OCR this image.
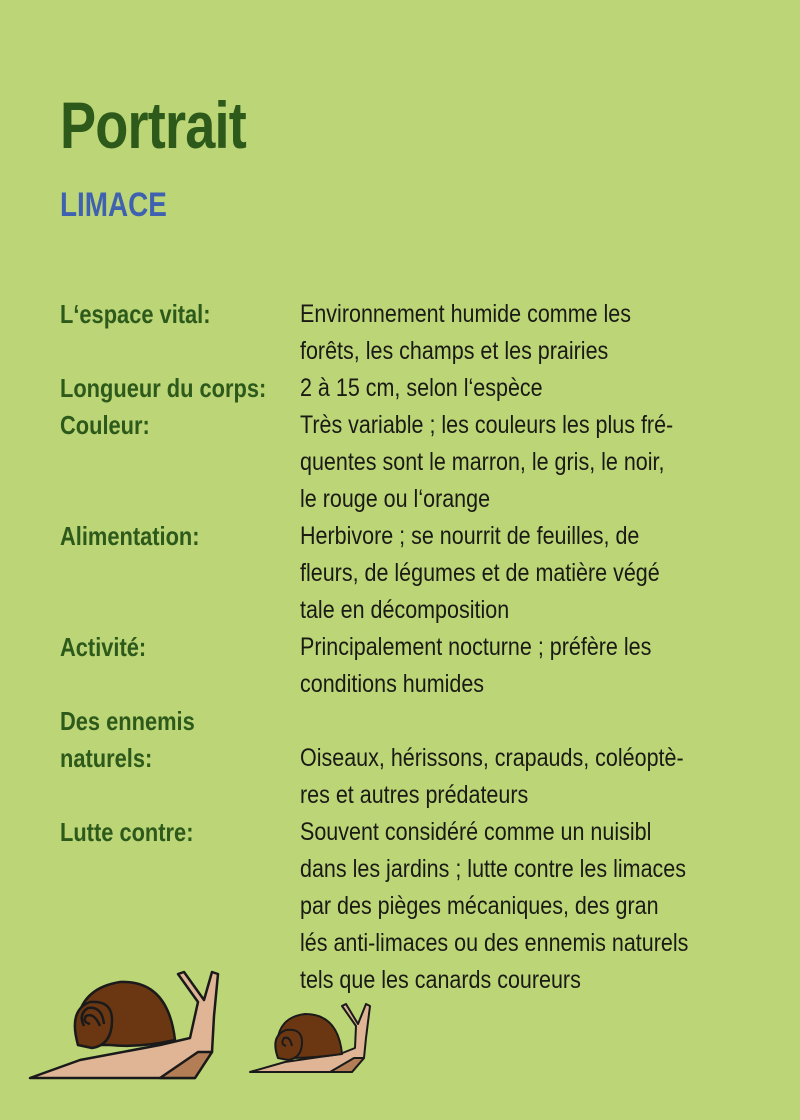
Portrait
LIMACE
L‘espace vital:	Environnement humide comme les
forêts, les champs et les prairies
Longueur du corps: 2 à 15 cm, selon l‘espèce
Couleur:	Très variable ; les couleurs les plus fré-
quentes sont le marron, le gris, le noir,
le rouge ou l‘orange
Alimentation:	Herbivore ; se nourrit de feuilles, de
fleurs, de légumes et de matière végé
tale en décomposition
Activité:	Principalement nocturne ; préfère les
conditions humides
Des ennemis
naturels:
	Oiseaux, hérissons, crapauds, coléoptè-
res et autres prédateurs
Lutte contre:	Souvent considéré comme un nuisibl
dans les jardins ; lutte contre les limaces
par des pièges mécaniques, des gran
lés anti-limaces ou des ennemis naturels
tels que les canards coureurs
